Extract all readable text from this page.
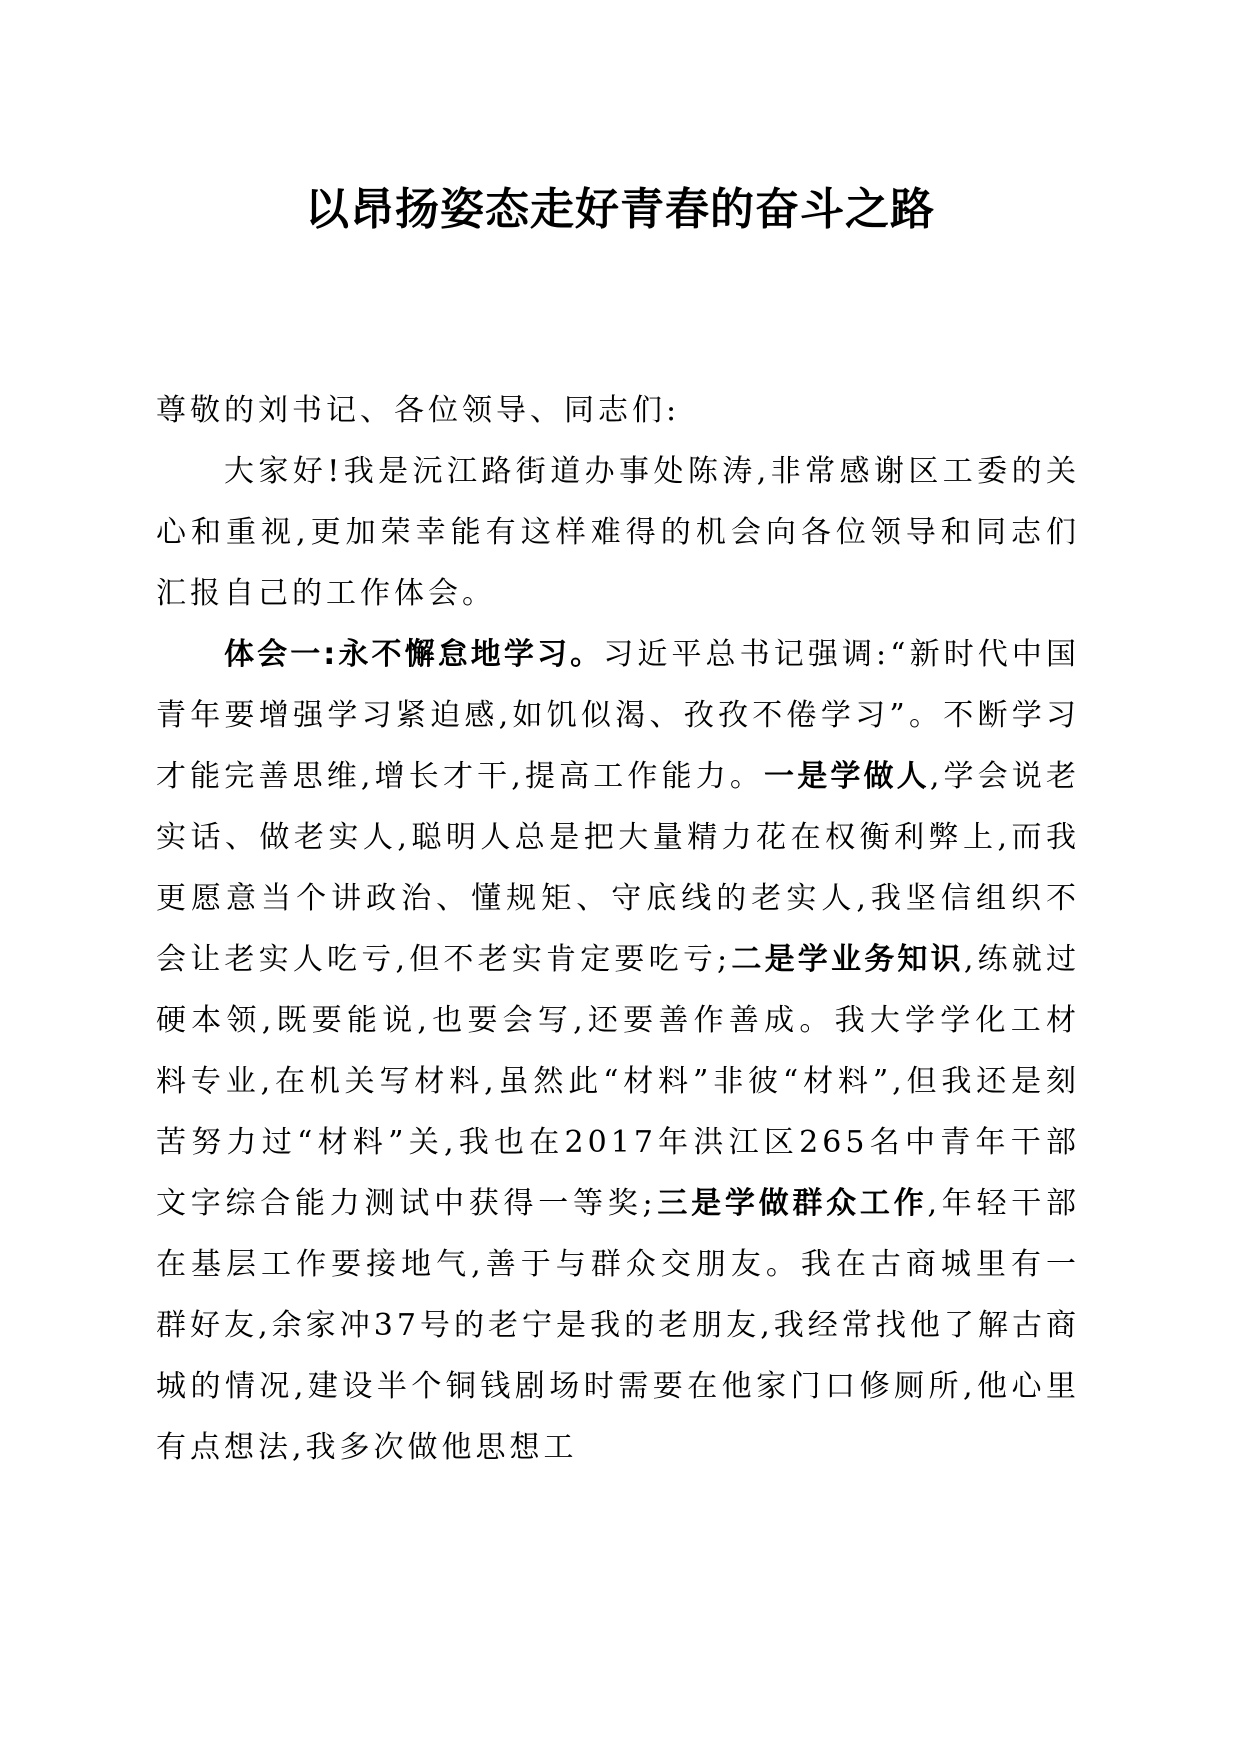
以昂扬姿态走好青春的奋斗之路

尊敬的刘书记、各位领导、同志们:

大家好!我是沅江路街道办事处陈涛,非常感谢区工委的关心和重视,更加荣幸能有这样难得的机会向各位领导和同志们汇报自己的工作体会。

体会一:永不懈怠地学习。习近平总书记强调:“新时代中国青年要增强学习紧迫感,如饥似渴、孜孜不倦学习”。不断学习才能完善思维,增长才干,提高工作能力。一是学做人,学会说老实话、做老实人,聪明人总是把大量精力花在权衡利弊上,而我更愿意当个讲政治、懂规矩、守底线的老实人,我坚信组织不会让老实人吃亏,但不老实肯定要吃亏;二是学业务知识,练就过硬本领,既要能说,也要会写,还要善作善成。我大学学化工材料专业,在机关写材料,虽然此“材料”非彼“材料”,但我还是刻苦努力过“材料”关,我也在2017年洪江区265名中青年干部文字综合能力测试中获得一等奖;三是学做群众工作,年轻干部在基层工作要接地气,善于与群众交朋友。我在古商城里有一群好友,余家冲37号的老宁是我的老朋友,我经常找他了解古商城的情况,建设半个铜钱剧场时需要在他家门口修厕所,他心里有点想法,我多次做他思想工
